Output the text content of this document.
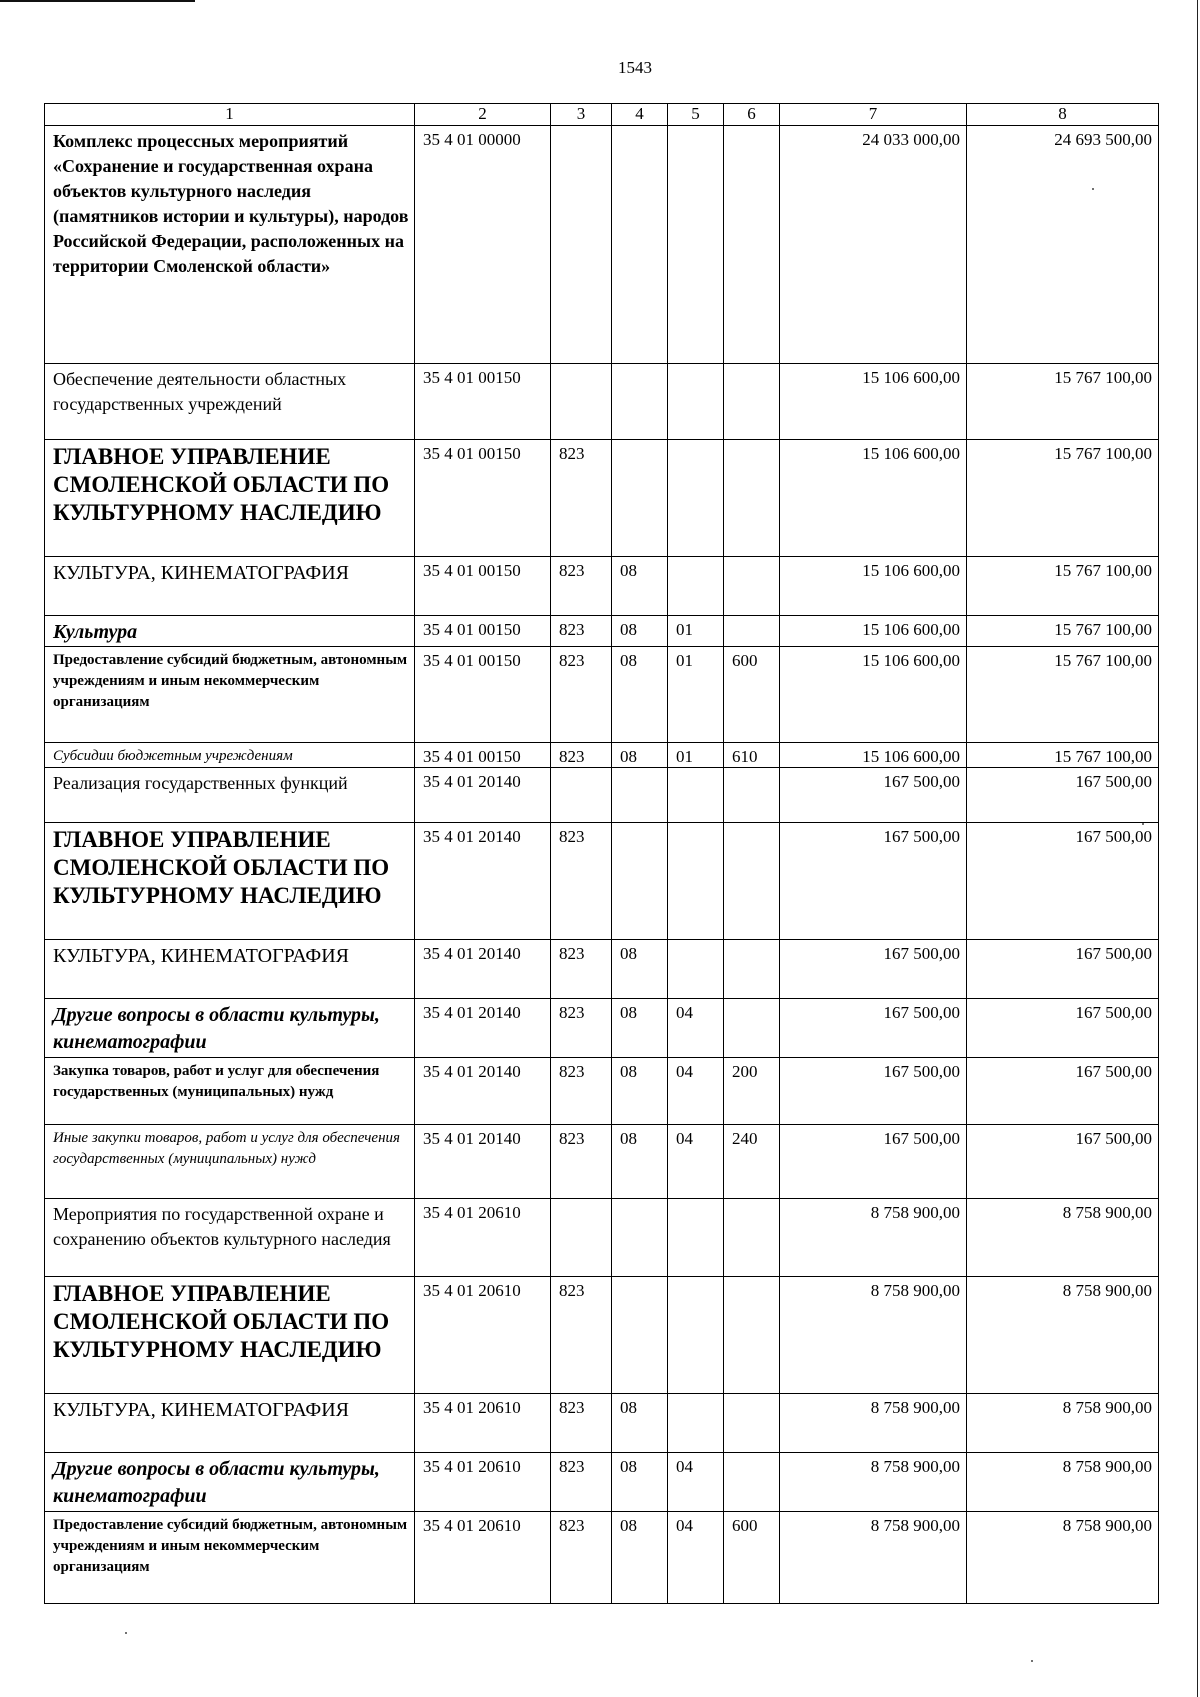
1543
1	2	3	4	5	6	7	8

Комплекс процессных мероприятий «Сохранение и государственная охрана объектов культурного наследия (памятников истории и культуры), народов Российской Федерации, расположенных на территории Смоленской области»	35 4 01 00000					24 033 000,00	24 693 500,00

Обеспечение деятельности областных государственных учреждений	35 4 01 00150					15 106 600,00	15 767 100,00

ГЛАВНОЕ УПРАВЛЕНИЕ СМОЛЕНСКОЙ ОБЛАСТИ ПО КУЛЬТУРНОМУ НАСЛЕДИЮ	35 4 01 00150	823				15 106 600,00	15 767 100,00

КУЛЬТУРА, КИНЕМАТОГРАФИЯ	35 4 01 00150	823	08			15 106 600,00	15 767 100,00

Культура	35 4 01 00150	823	08	01		15 106 600,00	15 767 100,00

Предоставление субсидий бюджетным, автономным учреждениям и иным некоммерческим организациям	35 4 01 00150	823	08	01	600	15 106 600,00	15 767 100,00

Субсидии бюджетным учреждениям	35 4 01 00150	823	08	01	610	15 106 600,00	15 767 100,00

Реализация государственных функций	35 4 01 20140					167 500,00	167 500,00

ГЛАВНОЕ УПРАВЛЕНИЕ СМОЛЕНСКОЙ ОБЛАСТИ ПО КУЛЬТУРНОМУ НАСЛЕДИЮ	35 4 01 20140	823				167 500,00	167 500,00

КУЛЬТУРА, КИНЕМАТОГРАФИЯ	35 4 01 20140	823	08			167 500,00	167 500,00

Другие вопросы в области культуры, кинематографии	35 4 01 20140	823	08	04		167 500,00	167 500,00

Закупка товаров, работ и услуг для обеспечения государственных (муниципальных) нужд	35 4 01 20140	823	08	04	200	167 500,00	167 500,00

Иные закупки товаров, работ и услуг для обеспечения государственных (муниципальных) нужд	35 4 01 20140	823	08	04	240	167 500,00	167 500,00

Мероприятия по государственной охране и сохранению объектов культурного наследия	35 4 01 20610					8 758 900,00	8 758 900,00

ГЛАВНОЕ УПРАВЛЕНИЕ СМОЛЕНСКОЙ ОБЛАСТИ ПО КУЛЬТУРНОМУ НАСЛЕДИЮ	35 4 01 20610	823				8 758 900,00	8 758 900,00

КУЛЬТУРА, КИНЕМАТОГРАФИЯ	35 4 01 20610	823	08			8 758 900,00	8 758 900,00

Другие вопросы в области культуры, кинематографии	35 4 01 20610	823	08	04		8 758 900,00	8 758 900,00

Предоставление субсидий бюджетным, автономным учреждениям и иным некоммерческим организациям	35 4 01 20610	823	08	04	600	8 758 900,00	8 758 900,00
